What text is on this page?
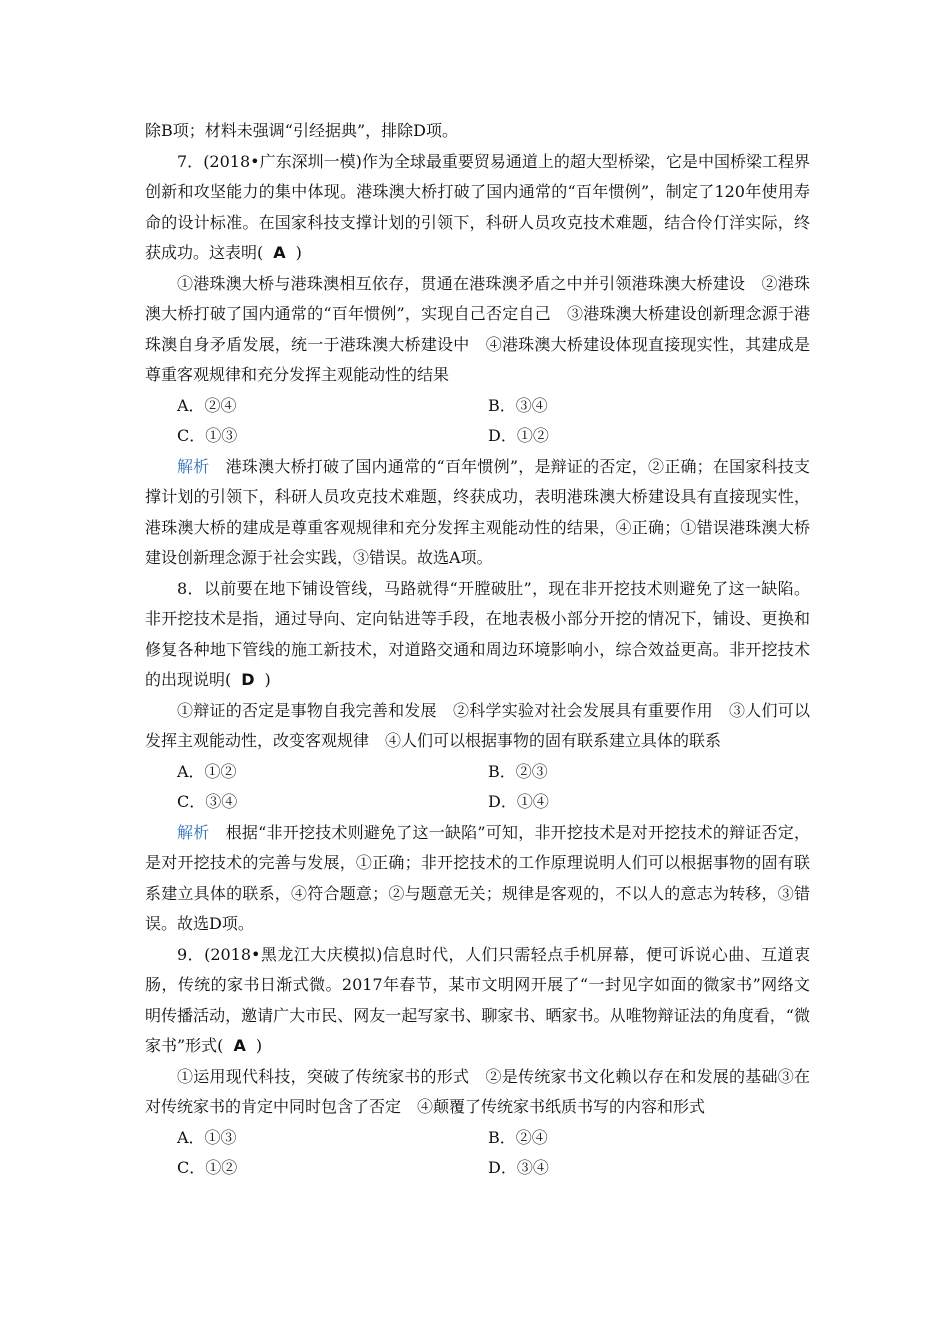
除B项；材料未强调“引经据典”，排除D项。

7．(2018•广东深圳一模)作为全球最重要贸易通道上的超大型桥梁，它是中国桥梁工程界创新和攻坚能力的集中体现。港珠澳大桥打破了国内通常的“百年惯例”，制定了120年使用寿命的设计标准。在国家科技支撑计划的引领下，科研人员攻克技术难题，结合伶仃洋实际，终获成功。这表明( A )

①港珠澳大桥与港珠澳相互依存，贯通在港珠澳矛盾之中并引领港珠澳大桥建设　②港珠澳大桥打破了国内通常的“百年惯例”，实现自己否定自己　③港珠澳大桥建设创新理念源于港珠澳自身矛盾发展，统一于港珠澳大桥建设中　④港珠澳大桥建设体现直接现实性，其建成是尊重客观规律和充分发挥主观能动性的结果

A．②④	B．③④
C．①③	D．①②

解析　 港珠澳大桥打破了国内通常的“百年惯例”，是辩证的否定，②正确；在国家科技支撑计划的引领下，科研人员攻克技术难题，终获成功，表明港珠澳大桥建设具有直接现实性，港珠澳大桥的建成是尊重客观规律和充分发挥主观能动性的结果，④正确；①错误港珠澳大桥建设创新理念源于社会实践，③错误。故选A项。

8．以前要在地下铺设管线，马路就得“开膛破肚”，现在非开挖技术则避免了这一缺陷。非开挖技术是指，通过导向、定向钻进等手段，在地表极小部分开挖的情况下，铺设、更换和修复各种地下管线的施工新技术，对道路交通和周边环境影响小，综合效益更高。非开挖技术的出现说明( D )

①辩证的否定是事物自我完善和发展　②科学实验对社会发展具有重要作用　③人们可以发挥主观能动性，改变客观规律　④人们可以根据事物的固有联系建立具体的联系

A．①②	B．②③
C．③④	D．①④

解析　 根据“非开挖技术则避免了这一缺陷”可知，非开挖技术是对开挖技术的辩证否定，是对开挖技术的完善与发展，①正确；非开挖技术的工作原理说明人们可以根据事物的固有联系建立具体的联系，④符合题意；②与题意无关；规律是客观的，不以人的意志为转移，③错误。故选D项。

9．(2018•黑龙江大庆模拟)信息时代，人们只需轻点手机屏幕，便可诉说心曲、互道衷肠，传统的家书日渐式微。2017年春节，某市文明网开展了“一封见字如面的微家书”网络文明传播活动，邀请广大市民、网友一起写家书、聊家书、晒家书。从唯物辩证法的角度看，“微家书”形式( A )

①运用现代科技，突破了传统家书的形式　②是传统家书文化赖以存在和发展的基础③在对传统家书的肯定中同时包含了否定　④颠覆了传统家书纸质书写的内容和形式

A．①③	B．②④
C．①②	D．③④
